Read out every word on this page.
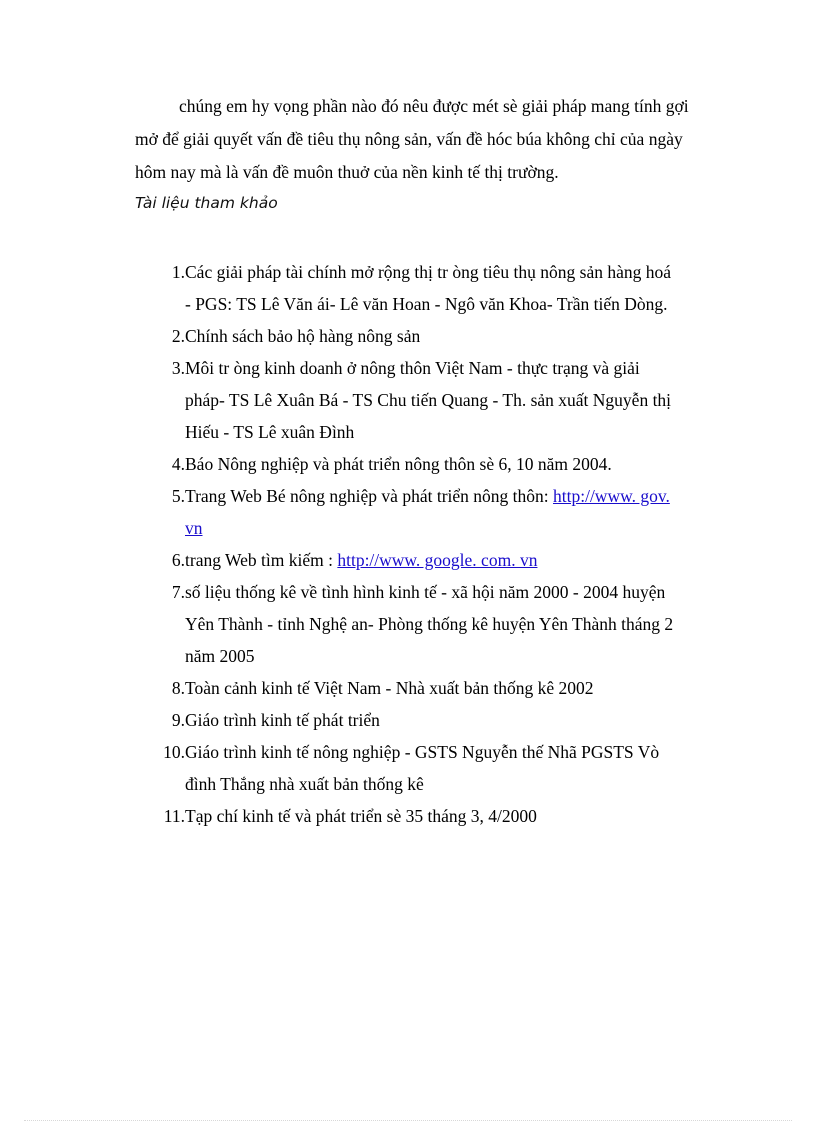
chúng em hy vọng phần nào đó nêu được mét sè giải pháp mang tính gợi
mở để giải quyết vấn đề tiêu thụ nông sản, vấn đề hóc búa không chỉ của ngày
hôm nay mà là vấn đề muôn thuở của nền kinh tế thị trường.

Tài liệu tham khảo

1. Các giải pháp tài chính mở rộng thị tr òng tiêu thụ nông sản hàng hoá
- PGS: TS Lê Văn ái- Lê văn Hoan - Ngô văn Khoa- Trần tiến Dòng.
2. Chính sách bảo hộ hàng nông sản
3. Môi tr òng kinh doanh ở nông thôn Việt Nam - thực trạng và giải
pháp- TS Lê Xuân Bá - TS Chu tiến Quang - Th. sản xuất Nguyễn thị
Hiếu - TS Lê xuân Đình
4. Báo Nông nghiệp và phát triển nông thôn sè 6, 10 năm 2004.
5. Trang Web Bé nông nghiệp và phát triển nông thôn: http://www. gov.
vn
6. trang Web tìm kiếm : http://www. google. com. vn
7. số liệu thống kê về tình hình kinh tế - xã hội năm 2000 - 2004 huyện
Yên Thành - tỉnh Nghệ an- Phòng thống kê huyện Yên Thành tháng 2
năm 2005
8. Toàn cảnh kinh tế Việt Nam - Nhà xuất bản thống kê 2002
9. Giáo trình kinh tế phát triển
10. Giáo trình kinh tế nông nghiệp - GSTS Nguyễn thế Nhã PGSTS Vò
đình Thắng nhà xuất bản thống kê
11. Tạp chí kinh tế và phát triển sè 35 tháng 3, 4/2000
